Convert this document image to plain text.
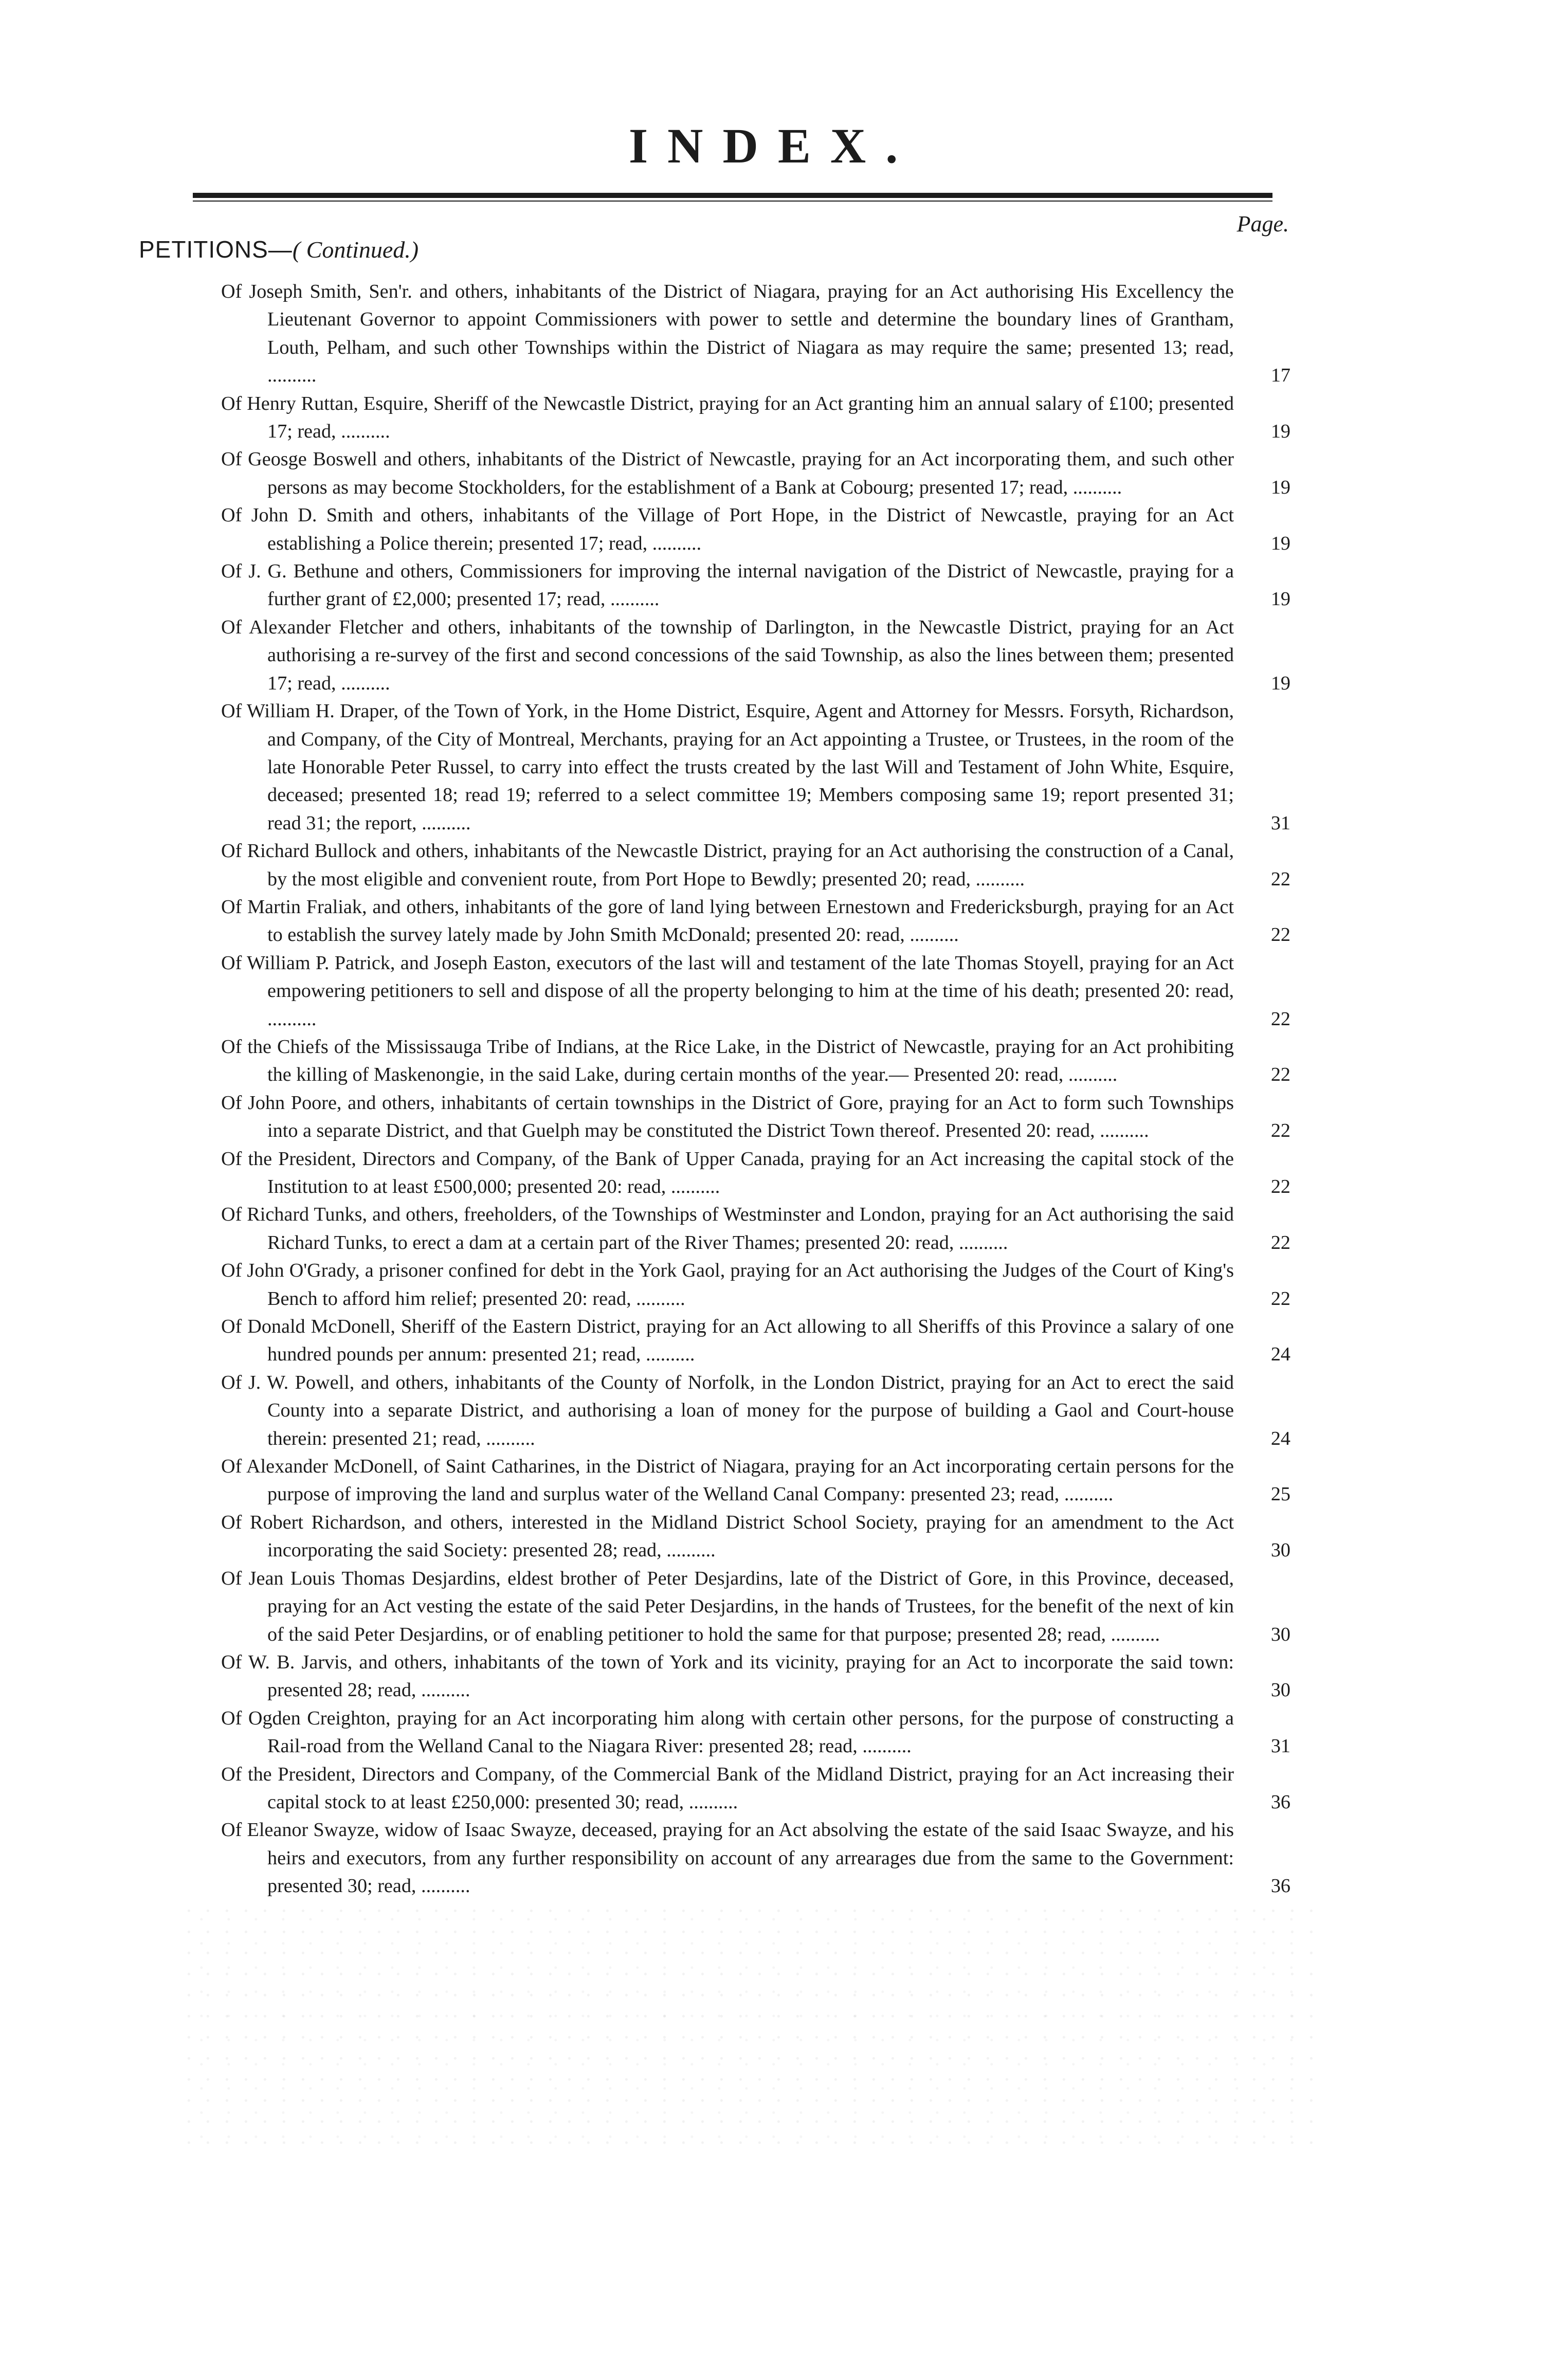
INDEX.
Page.
PETITIONS—( Continued.)
Of Joseph Smith, Sen'r. and others, inhabitants of the District of Niagara, praying for an Act authorising His Excellency the Lieutenant Governor to appoint Commissioners with power to settle and determine the boundary lines of Grantham, Louth, Pelham, and such other Townships within the District of Niagara as may require the same; presented 13; read, ..........	17
Of Henry Ruttan, Esquire, Sheriff of the Newcastle District, praying for an Act granting him an annual salary of £100; presented 17; read, ..........	19
Of Geosge Boswell and others, inhabitants of the District of Newcastle, praying for an Act incorporating them, and such other persons as may become Stockholders, for the establishment of a Bank at Cobourg; presented 17; read, ..........	19
Of John D. Smith and others, inhabitants of the Village of Port Hope, in the District of Newcastle, praying for an Act establishing a Police therein; presented 17; read, ..........	19
Of J. G. Bethune and others, Commissioners for improving the internal navigation of the District of Newcastle, praying for a further grant of £2,000; presented 17; read, ..........	19
Of Alexander Fletcher and others, inhabitants of the township of Darlington, in the Newcastle District, praying for an Act authorising a re-survey of the first and second concessions of the said Township, as also the lines between them; presented 17; read, ..........	19
Of William H. Draper, of the Town of York, in the Home District, Esquire, Agent and Attorney for Messrs. Forsyth, Richardson, and Company, of the City of Montreal, Merchants, praying for an Act appointing a Trustee, or Trustees, in the room of the late Honorable Peter Russel, to carry into effect the trusts created by the last Will and Testament of John White, Esquire, deceased; presented 18; read 19; referred to a select committee 19; Members composing same 19; report presented 31; read 31; the report, ..........	31
Of Richard Bullock and others, inhabitants of the Newcastle District, praying for an Act authorising the construction of a Canal, by the most eligible and convenient route, from Port Hope to Bewdly; presented 20; read, ..........	22
Of Martin Fraliak, and others, inhabitants of the gore of land lying between Ernestown and Fredericksburgh, praying for an Act to establish the survey lately made by John Smith McDonald; presented 20: read, ..........	22
Of William P. Patrick, and Joseph Easton, executors of the last will and testament of the late Thomas Stoyell, praying for an Act empowering petitioners to sell and dispose of all the property belonging to him at the time of his death; presented 20: read, ..........	22
Of the Chiefs of the Mississauga Tribe of Indians, at the Rice Lake, in the District of Newcastle, praying for an Act prohibiting the killing of Maskenongie, in the said Lake, during certain months of the year.— Presented 20: read, ..........	22
Of John Poore, and others, inhabitants of certain townships in the District of Gore, praying for an Act to form such Townships into a separate District, and that Guelph may be constituted the District Town thereof. Presented 20: read, ..........	22
Of the President, Directors and Company, of the Bank of Upper Canada, praying for an Act increasing the capital stock of the Institution to at least £500,000; presented 20: read, ..........	22
Of Richard Tunks, and others, freeholders, of the Townships of Westminster and London, praying for an Act authorising the said Richard Tunks, to erect a dam at a certain part of the River Thames; presented 20: read, ..........	22
Of John O'Grady, a prisoner confined for debt in the York Gaol, praying for an Act authorising the Judges of the Court of King's Bench to afford him relief; presented 20: read, ..........	22
Of Donald McDonell, Sheriff of the Eastern District, praying for an Act allowing to all Sheriffs of this Province a salary of one hundred pounds per annum: presented 21; read, ..........	24
Of J. W. Powell, and others, inhabitants of the County of Norfolk, in the London District, praying for an Act to erect the said County into a separate District, and authorising a loan of money for the purpose of building a Gaol and Court-house therein: presented 21; read, ..........	24
Of Alexander McDonell, of Saint Catharines, in the District of Niagara, praying for an Act incorporating certain persons for the purpose of improving the land and surplus water of the Welland Canal Company: presented 23; read, ..........	25
Of Robert Richardson, and others, interested in the Midland District School Society, praying for an amendment to the Act incorporating the said Society: presented 28; read, ..........	30
Of Jean Louis Thomas Desjardins, eldest brother of Peter Desjardins, late of the District of Gore, in this Province, deceased, praying for an Act vesting the estate of the said Peter Desjardins, in the hands of Trustees, for the benefit of the next of kin of the said Peter Desjardins, or of enabling petitioner to hold the same for that purpose; presented 28; read, ..........	30
Of W. B. Jarvis, and others, inhabitants of the town of York and its vicinity, praying for an Act to incorporate the said town: presented 28; read, ..........	30
Of Ogden Creighton, praying for an Act incorporating him along with certain other persons, for the purpose of constructing a Rail-road from the Welland Canal to the Niagara River: presented 28; read, ..........	31
Of the President, Directors and Company, of the Commercial Bank of the Midland District, praying for an Act increasing their capital stock to at least £250,000: presented 30; read, ..........	36
Of Eleanor Swayze, widow of Isaac Swayze, deceased, praying for an Act absolving the estate of the said Isaac Swayze, and his heirs and executors, from any further responsibility on account of any arrearages due from the same to the Government: presented 30; read, ..........	36
